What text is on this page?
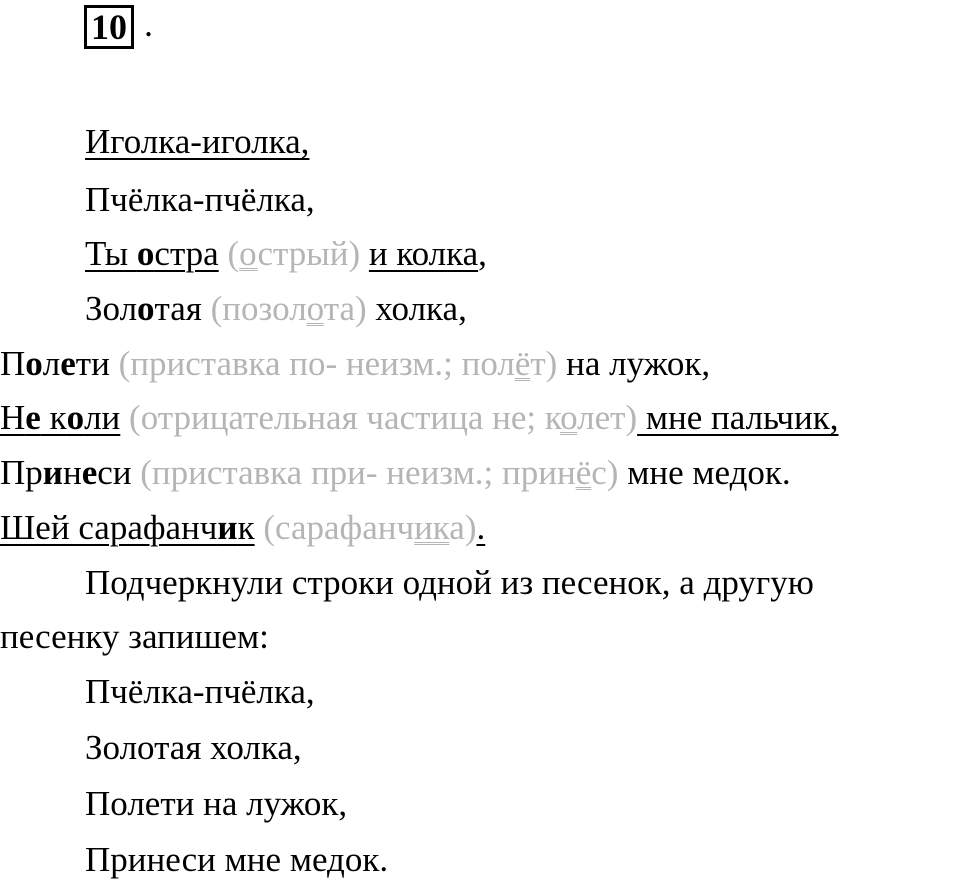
10 .
Иголка-иголка,
Пчёлка-пчёлка,
Ты остра (острый) и колка,
Золотая (позолота) холка,
Полети (приставка по- неизм.; полёт) на лужок,
Не коли (отрицательная частица не; колет) мне пальчик,
Принеси (приставка при- неизм.; принёс) мне медок.
Шей сарафанчик (сарафанчика).
Подчеркнули строки одной из песенок, а другую
песенку запишем:
Пчёлка-пчёлка,
Золотая холка,
Полети на лужок,
Принеси мне медок.
